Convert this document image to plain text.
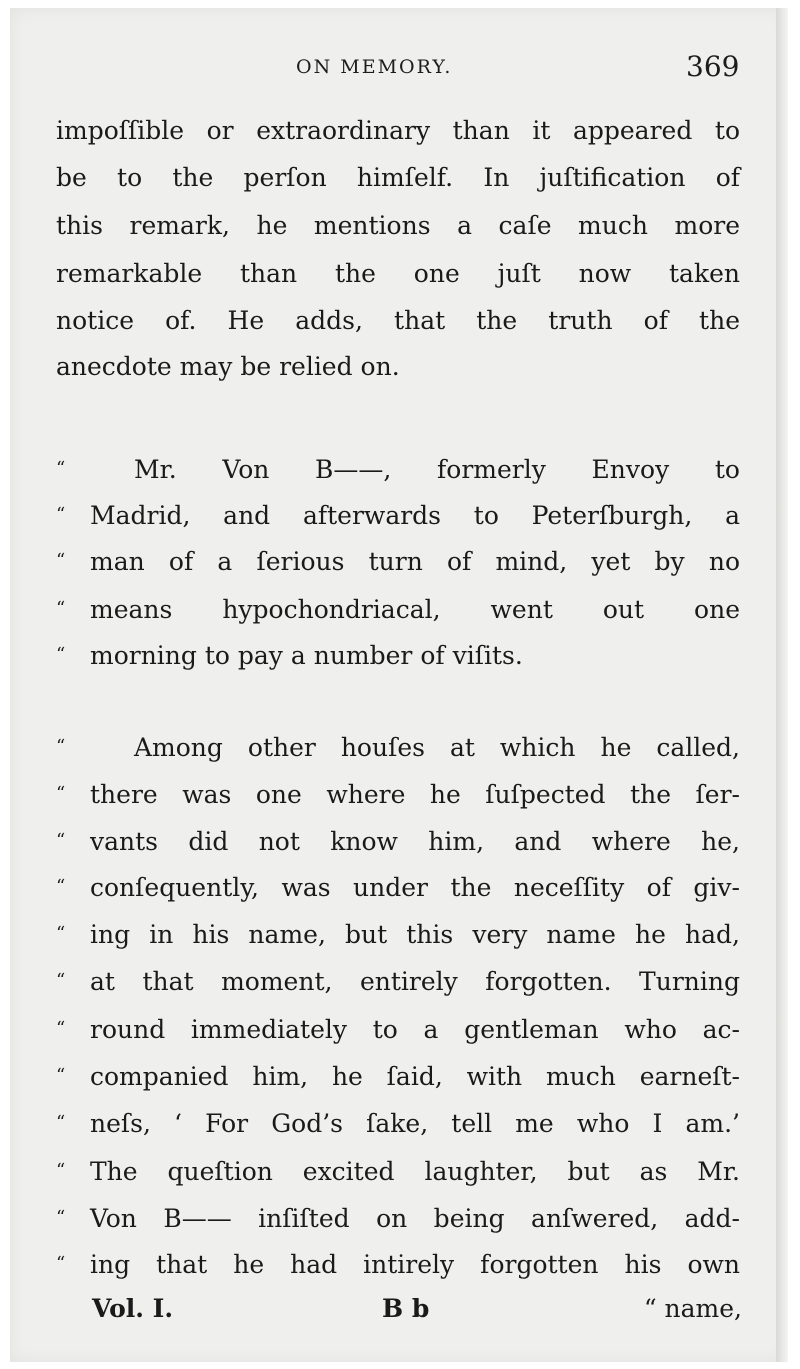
ON MEMORY.	369
impoſſible or extraordinary than it appeared to
be to the perſon himſelf. In juſtification of
this remark, he mentions a caſe much more
remarkable than the one juſt now taken
notice of. He adds, that the truth of the
anecdote may be relied on.
“	Mr. Von B——, formerly Envoy to
“ Madrid, and afterwards to Peterſburgh, a
“ man of a ſerious turn of mind, yet by no
“ means hypochondriacal, went out one
“ morning to pay a number of viſits.
“	Among other houſes at which he called,
“ there was one where he ſuſpected the ſer-
“ vants did not know him, and where he,
“ conſequently, was under the neceſſity of giv-
“ ing in his name, but this very name he had,
“ at that moment, entirely forgotten. Turning
“ round immediately to a gentleman who ac-
“ companied him, he ſaid, with much earneſt-
“ neſs, ‘ For God’s ſake, tell me who I am.’
“ The queſtion excited laughter, but as Mr.
“ Von B—— inſiſted on being anſwered, add-
“ ing that he had intirely forgotten his own
Vol. I.	B b	“ name,
